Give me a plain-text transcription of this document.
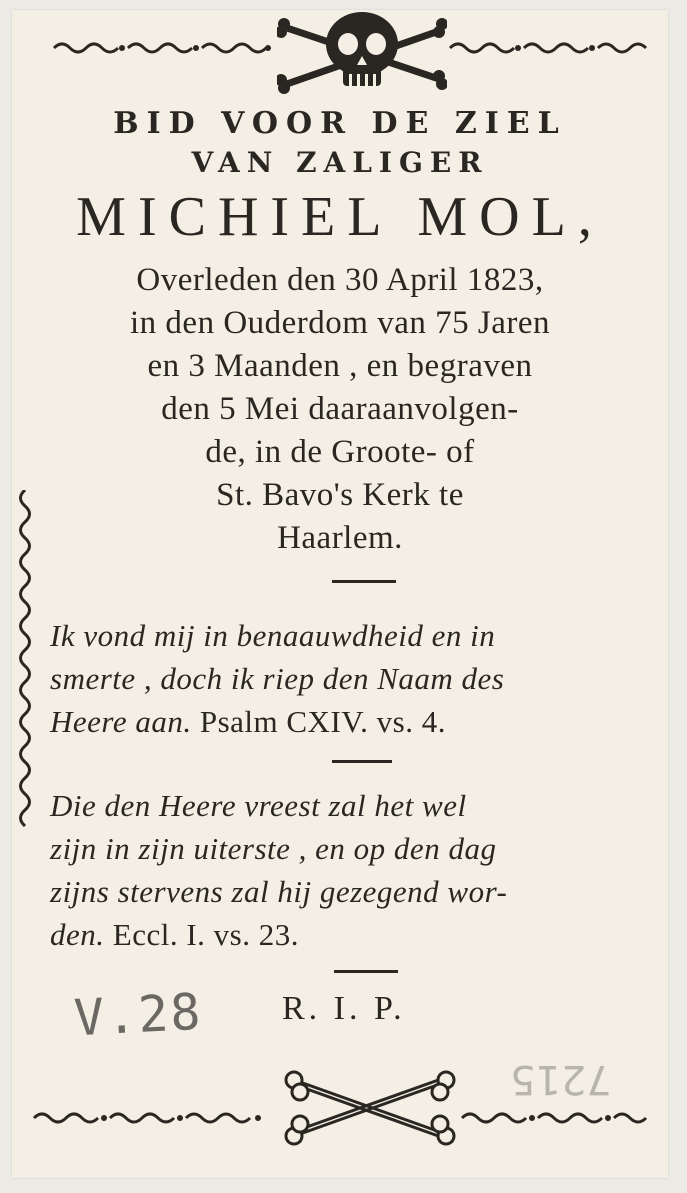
BID VOOR DE ZIEL
VAN ZALIGER
MICHIEL MOL,
Overleden den 30 April 1823,
in den Ouderdom van 75 Jaren
en 3 Maanden , en begraven
den 5 Mei daaraanvolgen-
de, in de Groote- of
St. Bavo's Kerk te
Haarlem.
Ik vond mij in benaauwdheid en in
smerte , doch ik riep den Naam des
Heere aan. Psalm CXIV. vs. 4.
Die den Heere vreest zal het wel
zijn in zijn uiterste , en op den dag
zijns stervens zal hij gezegend wor-
den. Eccl. I. vs. 23.
V.28 R. I. P.
7215
